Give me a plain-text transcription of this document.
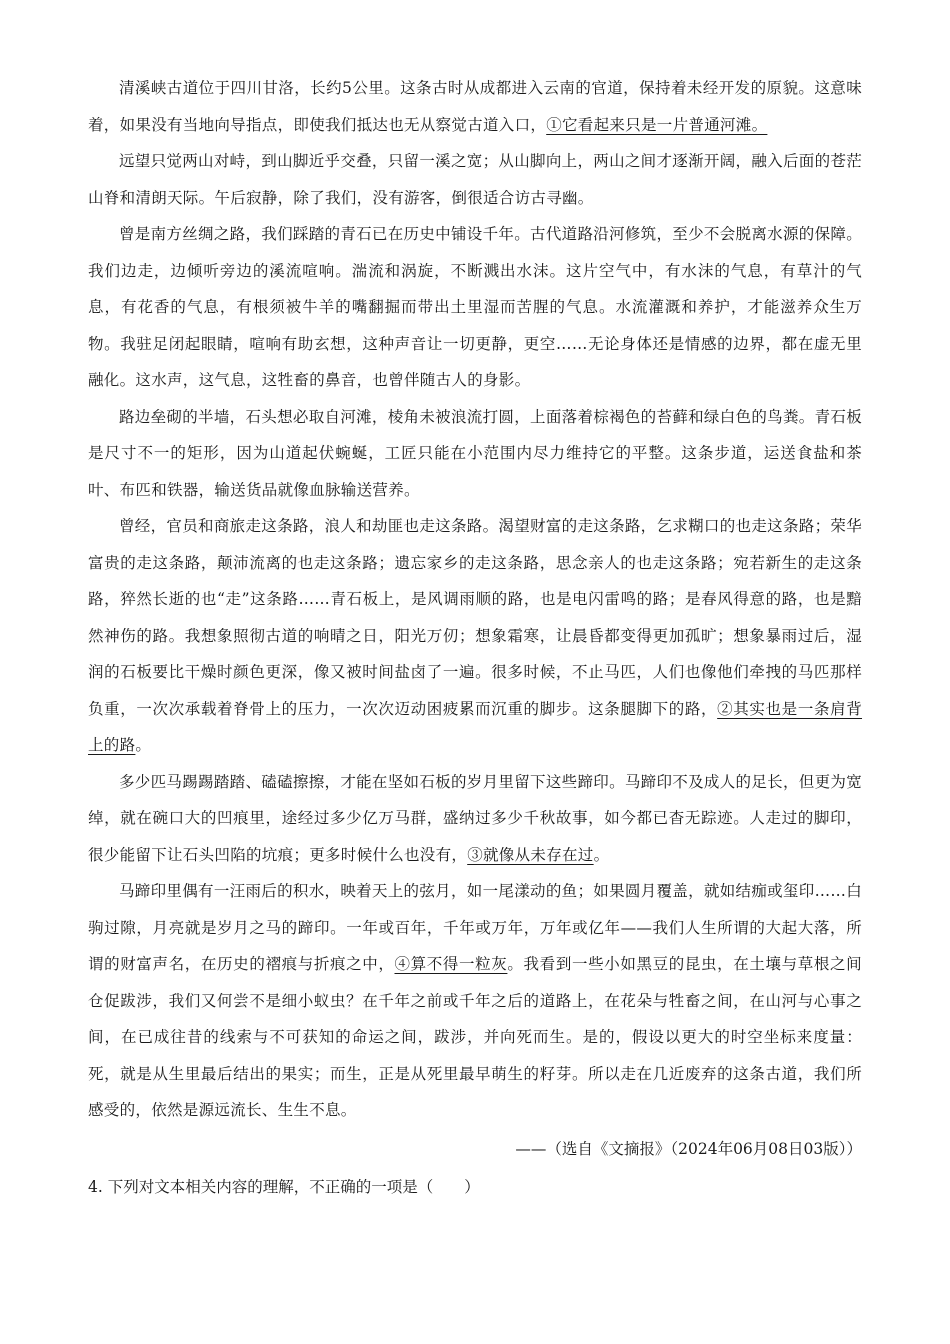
清溪峡古道位于四川甘洛，长约5公里。这条古时从成都进入云南的官道，保持着未经开发的原貌。这意味着，如果没有当地向导指点，即使我们抵达也无从察觉古道入口，①它看起来只是一片普通河滩。

远望只觉两山对峙，到山脚近乎交叠，只留一溪之宽；从山脚向上，两山之间才逐渐开阔，融入后面的苍茫山脊和清朗天际。午后寂静，除了我们，没有游客，倒很适合访古寻幽。

曾是南方丝绸之路，我们踩踏的青石已在历史中铺设千年。古代道路沿河修筑，至少不会脱离水源的保障。我们边走，边倾听旁边的溪流喧响。湍流和涡旋，不断溅出水沫。这片空气中，有水沫的气息，有草汁的气息，有花香的气息，有根须被牛羊的嘴翻掘而带出土里湿而苦腥的气息。水流灌溉和养护，才能滋养众生万物。我驻足闭起眼睛，喧响有助玄想，这种声音让一切更静，更空……无论身体还是情感的边界，都在虚无里融化。这水声，这气息，这牲畜的鼻音，也曾伴随古人的身影。

路边垒砌的半墙，石头想必取自河滩，棱角未被浪流打圆，上面落着棕褐色的苔藓和绿白色的鸟粪。青石板是尺寸不一的矩形，因为山道起伏蜿蜒，工匠只能在小范围内尽力维持它的平整。这条步道，运送食盐和茶叶、布匹和铁器，输送货品就像血脉输送营养。

曾经，官员和商旅走这条路，浪人和劫匪也走这条路。渴望财富的走这条路，乞求糊口的也走这条路；荣华富贵的走这条路，颠沛流离的也走这条路；遗忘家乡的走这条路，思念亲人的也走这条路；宛若新生的走这条路，猝然长逝的也“走”这条路……青石板上，是风调雨顺的路，也是电闪雷鸣的路；是春风得意的路，也是黯然神伤的路。我想象照彻古道的响晴之日，阳光万仞；想象霜寒，让晨昏都变得更加孤旷；想象暴雨过后，湿润的石板要比干燥时颜色更深，像又被时间盐卤了一遍。很多时候，不止马匹，人们也像他们牵拽的马匹那样负重，一次次承载着脊骨上的压力，一次次迈动困疲累而沉重的脚步。这条腿脚下的路，②其实也是一条肩背上的路。

多少匹马踢踢踏踏、磕磕擦擦，才能在坚如石板的岁月里留下这些蹄印。马蹄印不及成人的足长，但更为宽绰，就在碗口大的凹痕里，途经过多少亿万马群，盛纳过多少千秋故事，如今都已杳无踪迹。人走过的脚印，很少能留下让石头凹陷的坑痕；更多时候什么也没有，③就像从未存在过。

马蹄印里偶有一汪雨后的积水，映着天上的弦月，如一尾漾动的鱼；如果圆月覆盖，就如结痂或玺印……白驹过隙，月亮就是岁月之马的蹄印。一年或百年，千年或万年，万年或亿年——我们人生所谓的大起大落，所谓的财富声名，在历史的褶痕与折痕之中，④算不得一粒灰。我看到一些小如黑豆的昆虫，在土壤与草根之间仓促跋涉，我们又何尝不是细小蚁虫？在千年之前或千年之后的道路上，在花朵与牲畜之间，在山河与心事之间，在已成往昔的线索与不可获知的命运之间，跋涉，并向死而生。是的，假设以更大的时空坐标来度量：死，就是从生里最后结出的果实；而生，正是从死里最早萌生的籽芽。所以走在几近废弃的这条古道，我们所感受的，依然是源远流长、生生不息。

——（选自《文摘报》（2024年06月08日03版））

4. 下列对文本相关内容的理解，不正确的一项是（　　）
